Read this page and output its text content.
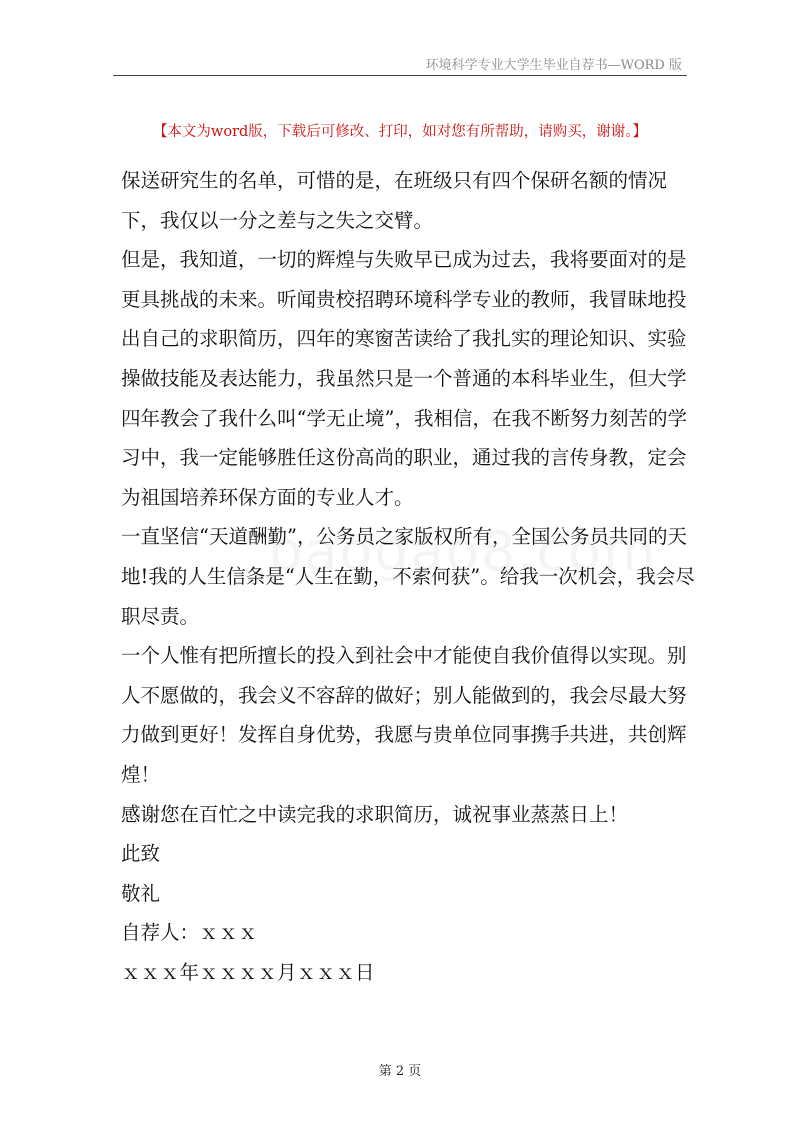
环境科学专业大学生毕业自荐书—WORD 版
【本文为word版，下载后可修改、打印，如对您有所帮助，请购买，谢谢。】

保送研究生的名单，可惜的是，在班级只有四个保研名额的情况下，我仅以一分之差与之失之交臂。

但是，我知道，一切的辉煌与失败早已成为过去，我将要面对的是更具挑战的未来。听闻贵校招聘环境科学专业的教师，我冒昧地投出自己的求职简历，四年的寒窗苦读给了我扎实的理论知识、实验操做技能及表达能力，我虽然只是一个普通的本科毕业生，但大学四年教会了我什么叫“学无止境”，我相信，在我不断努力刻苦的学习中，我一定能够胜任这份高尚的职业，通过我的言传身教，定会为祖国培养环保方面的专业人才。

一直坚信“天道酬勤”，公务员之家版权所有，全国公务员共同的天地!我的人生信条是“人生在勤，不索何获”。给我一次机会，我会尽职尽责。

一个人惟有把所擅长的投入到社会中才能使自我价值得以实现。别人不愿做的，我会义不容辞的做好；别人能做到的，我会尽最大努力做到更好！发挥自身优势，我愿与贵单位同事携手共进，共创辉煌！

感谢您在百忙之中读完我的求职简历，诚祝事业蒸蒸日上！

此致

敬礼

自荐人：ｘｘｘ

ｘｘｘ年ｘｘｘｘ月ｘｘｘ日

第 2 页
